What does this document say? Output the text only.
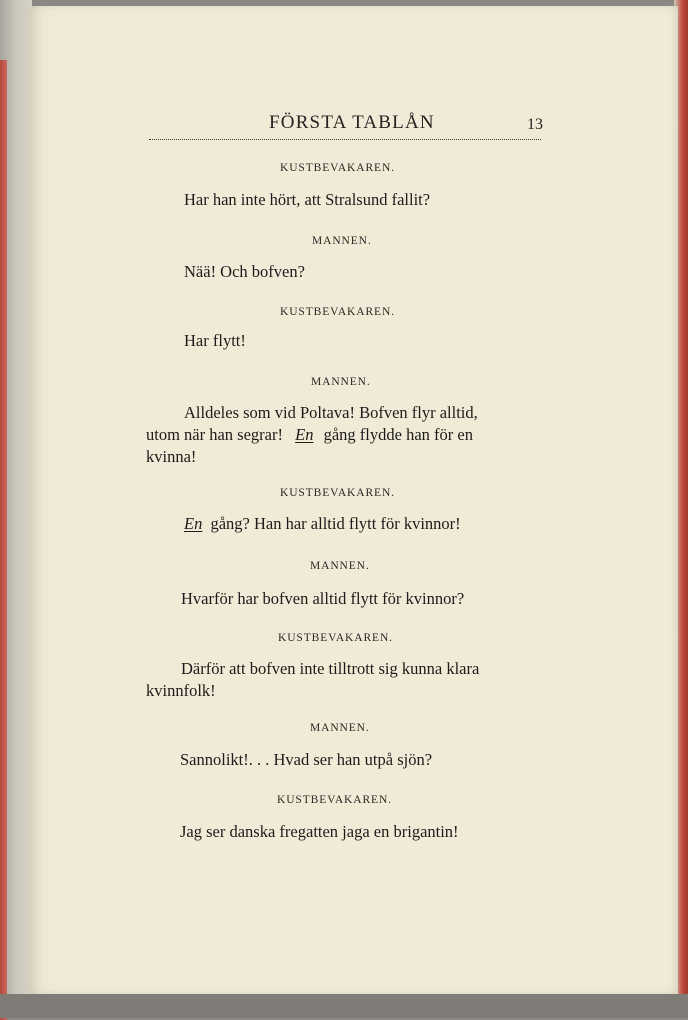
FÖRSTA TABLÅN	13
KUSTBEVAKAREN.
Har han inte hört, att Stralsund fallit?
MANNEN.
Nää! Och bofven?
KUSTBEVAKAREN.
Har flytt!
MANNEN.
Alldeles som vid Poltava! Bofven flyr alltid,
utom när han segrar! En gång flydde han för en
kvinna!
KUSTBEVAKAREN.
En gång? Han har alltid flytt för kvinnor!
MANNEN.
Hvarför har bofven alltid flytt för kvinnor?
KUSTBEVAKAREN.
Därför att bofven inte tilltrott sig kunna klara
kvinnfolk!
MANNEN.
Sannolikt!. . . Hvad ser han utpå sjön?
KUSTBEVAKAREN.
Jag ser danska fregatten jaga en brigantin!
